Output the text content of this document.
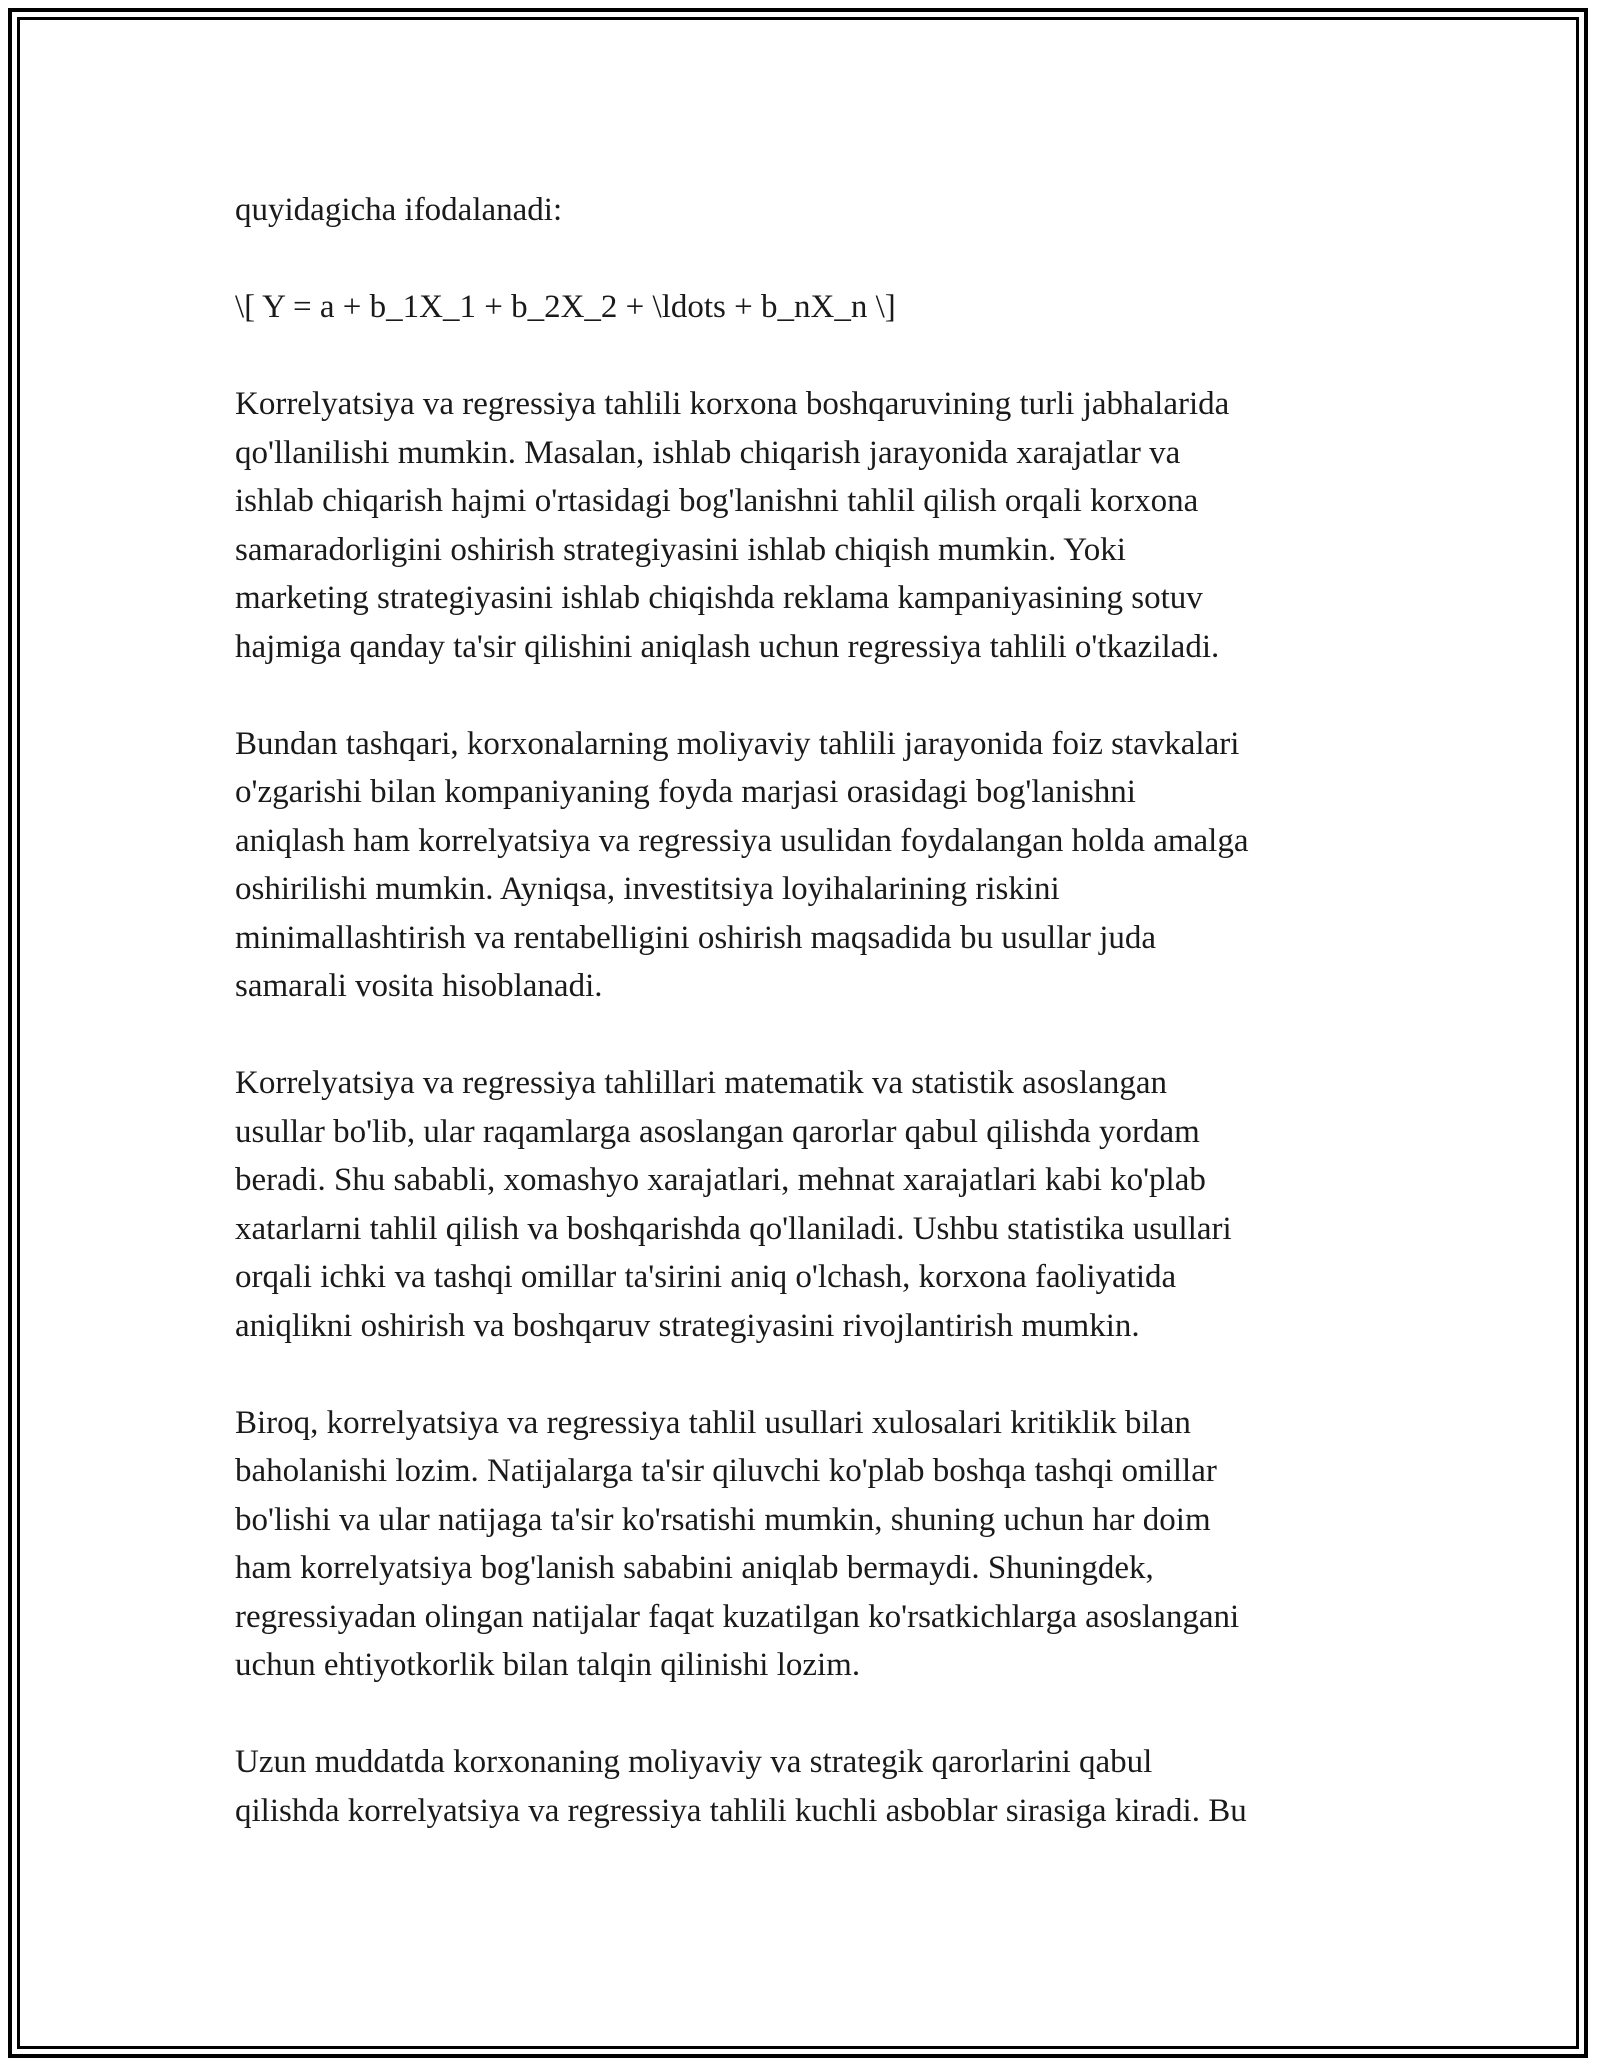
quyidagicha ifodalanadi:

\[ Y = a + b_1X_1 + b_2X_2 + \ldots + b_nX_n \]

Korrelyatsiya va regressiya tahlili korxona boshqaruvining turli jabhalarida
qo'llanilishi mumkin. Masalan, ishlab chiqarish jarayonida xarajatlar va
ishlab chiqarish hajmi o'rtasidagi bog'lanishni tahlil qilish orqali korxona
samaradorligini oshirish strategiyasini ishlab chiqish mumkin. Yoki
marketing strategiyasini ishlab chiqishda reklama kampaniyasining sotuv
hajmiga qanday ta'sir qilishini aniqlash uchun regressiya tahlili o'tkaziladi.

Bundan tashqari, korxonalarning moliyaviy tahlili jarayonida foiz stavkalari
o'zgarishi bilan kompaniyaning foyda marjasi orasidagi bog'lanishni
aniqlash ham korrelyatsiya va regressiya usulidan foydalangan holda amalga
oshirilishi mumkin. Ayniqsa, investitsiya loyihalarining riskini
minimallashtirish va rentabelligini oshirish maqsadida bu usullar juda
samarali vosita hisoblanadi.

Korrelyatsiya va regressiya tahlillari matematik va statistik asoslangan
usullar bo'lib, ular raqamlarga asoslangan qarorlar qabul qilishda yordam
beradi. Shu sababli, xomashyo xarajatlari, mehnat xarajatlari kabi ko'plab
xatarlarni tahlil qilish va boshqarishda qo'llaniladi. Ushbu statistika usullari
orqali ichki va tashqi omillar ta'sirini aniq o'lchash, korxona faoliyatida
aniqlikni oshirish va boshqaruv strategiyasini rivojlantirish mumkin.

Biroq, korrelyatsiya va regressiya tahlil usullari xulosalari kritiklik bilan
baholanishi lozim. Natijalarga ta'sir qiluvchi ko'plab boshqa tashqi omillar
bo'lishi va ular natijaga ta'sir ko'rsatishi mumkin, shuning uchun har doim
ham korrelyatsiya bog'lanish sababini aniqlab bermaydi. Shuningdek,
regressiyadan olingan natijalar faqat kuzatilgan ko'rsatkichlarga asoslangani
uchun ehtiyotkorlik bilan talqin qilinishi lozim.

Uzun muddatda korxonaning moliyaviy va strategik qarorlarini qabul
qilishda korrelyatsiya va regressiya tahlili kuchli asboblar sirasiga kiradi. Bu
